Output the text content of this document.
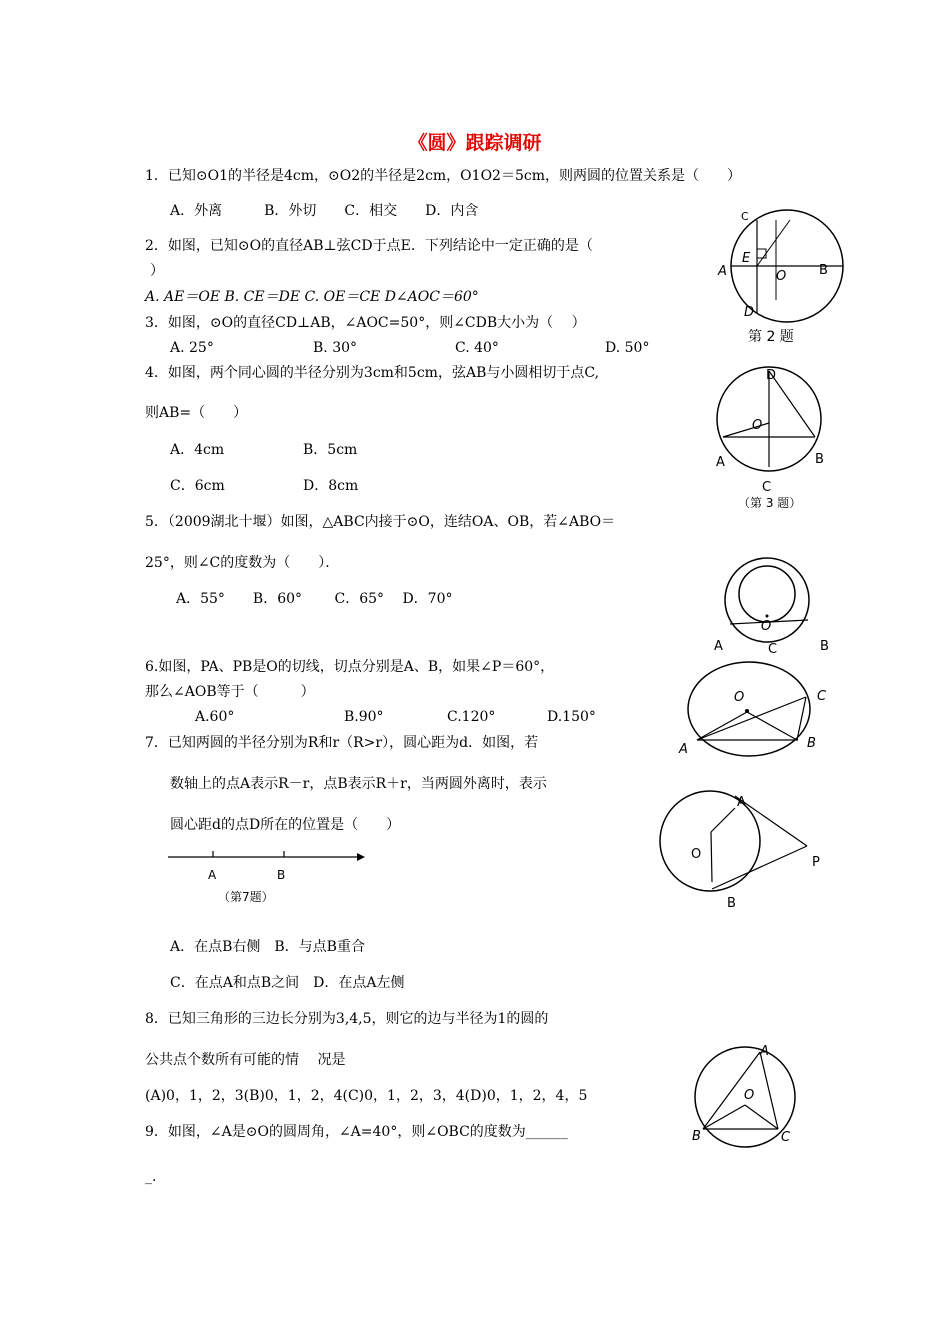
《圆》跟踪调研
1．已知⊙O1的半径是4cm，⊙O2的半径是2cm，O1O2＝5cm，则两圆的位置关系是（　　）
A．外离　　　B．外切　　C．相交　　D．内含
2．如图，已知⊙O的直径AB⊥弦CD于点E．下列结论中一定正确的是（
）
A. AE＝OE B. CE＝DE C. OE＝CE D∠AOC＝60°
3．如图，⊙O的直径CD⊥AB，∠AOC=50°，则∠CDB大小为（　 ）
A. 25°	B. 30°	C. 40°	D. 50°
4．如图，两个同心圆的半径分别为3cm和5cm，弦AB与小圆相切于点C,
则AB=（　　）
A．4cm	B．5cm
C．6cm	D．8cm
5．（2009湖北十堰）如图，△ABC内接于⊙O，连结OA、OB，若∠ABO＝
25°，则∠C的度数为（　　）．
A．55°　　B．60°　　 C．65°　 D．70°
6.如图，PA、PB是O的切线，切点分别是A、B，如果∠P＝60°，
那么∠AOB等于（　　　）
A.60°	B.90°	C.120°	D.150°
7．已知两圆的半径分别为R和r（R>r），圆心距为d．如图，若
数轴上的点A表示R－r，点B表示R＋r，当两圆外离时，表示
圆心距d的点D所在的位置是（　　）
A	B
（第7题）
A．在点B右侧　B．与点B重合
C．在点A和点B之间　D．在点A左侧
8．已知三角形的三边长分别为3,4,5，则它的边与半径为1的圆的
公共点个数所有可能的情　 况是
(A)0，1，2，3(B)0，1，2，4(C)0，1，2，3，4(D)0，1，2，4，5
9．如图，∠A是⊙O的圆周角，∠A=40°，则∠OBC的度数为______
_.
C
A	B
E
O
D
第 2 题
D
O
A	B
C
（第 3 题）
O
A	C	B
O	C
A	B
A
O
P
B
A
O
B	C
